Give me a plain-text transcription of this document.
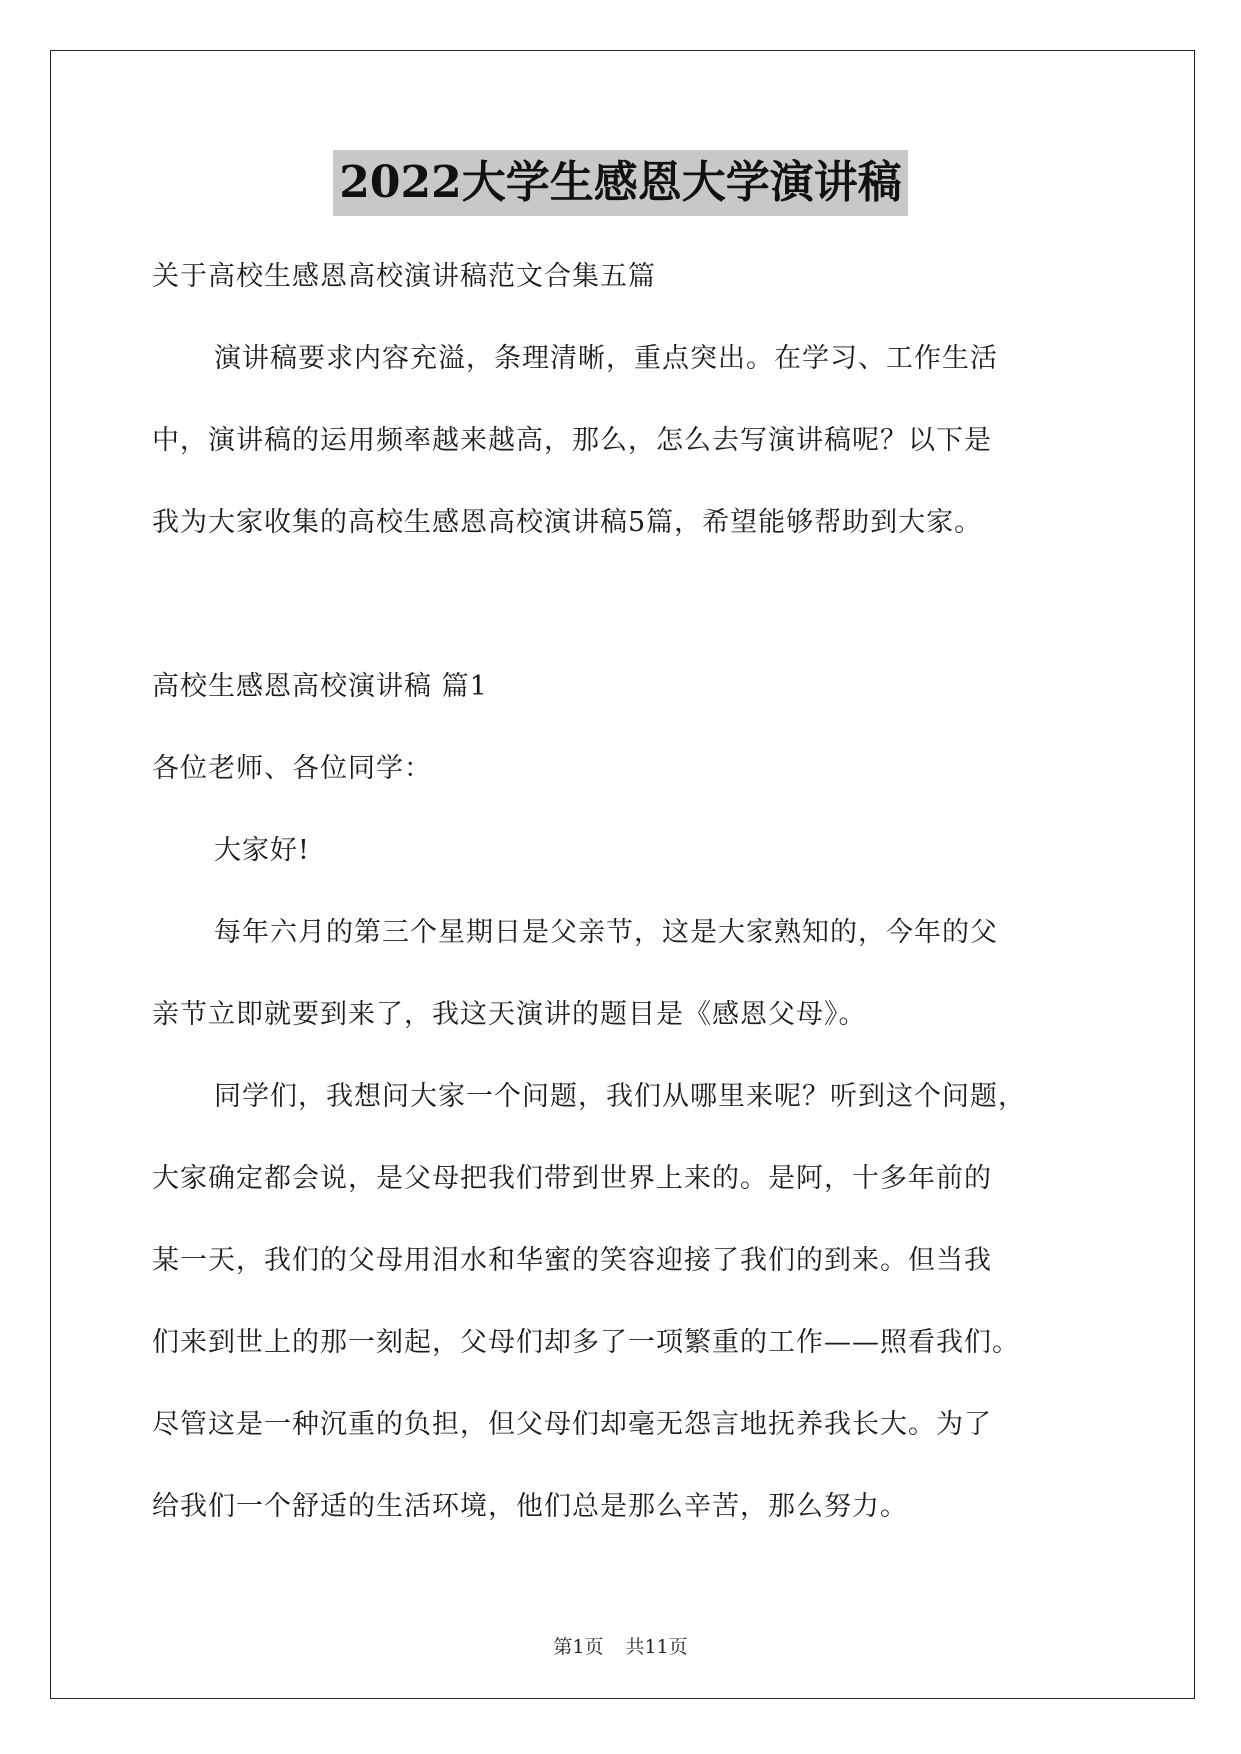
2022大学生感恩大学演讲稿
关于高校生感恩高校演讲稿范文合集五篇
演讲稿要求内容充溢，条理清晰，重点突出。在学习、工作生活
中，演讲稿的运用频率越来越高，那么，怎么去写演讲稿呢？以下是
我为大家收集的高校生感恩高校演讲稿5篇，希望能够帮助到大家。
高校生感恩高校演讲稿 篇1
各位老师、各位同学：
大家好!
每年六月的第三个星期日是父亲节，这是大家熟知的，今年的父
亲节立即就要到来了，我这天演讲的题目是《感恩父母》。
同学们，我想问大家一个问题，我们从哪里来呢？听到这个问题，
大家确定都会说，是父母把我们带到世界上来的。是阿，十多年前的
某一天，我们的父母用泪水和华蜜的笑容迎接了我们的到来。但当我
们来到世上的那一刻起，父母们却多了一项繁重的工作——照看我们。
尽管这是一种沉重的负担，但父母们却毫无怨言地抚养我长大。为了
给我们一个舒适的生活环境，他们总是那么辛苦，那么努力。
第1页 共11页
